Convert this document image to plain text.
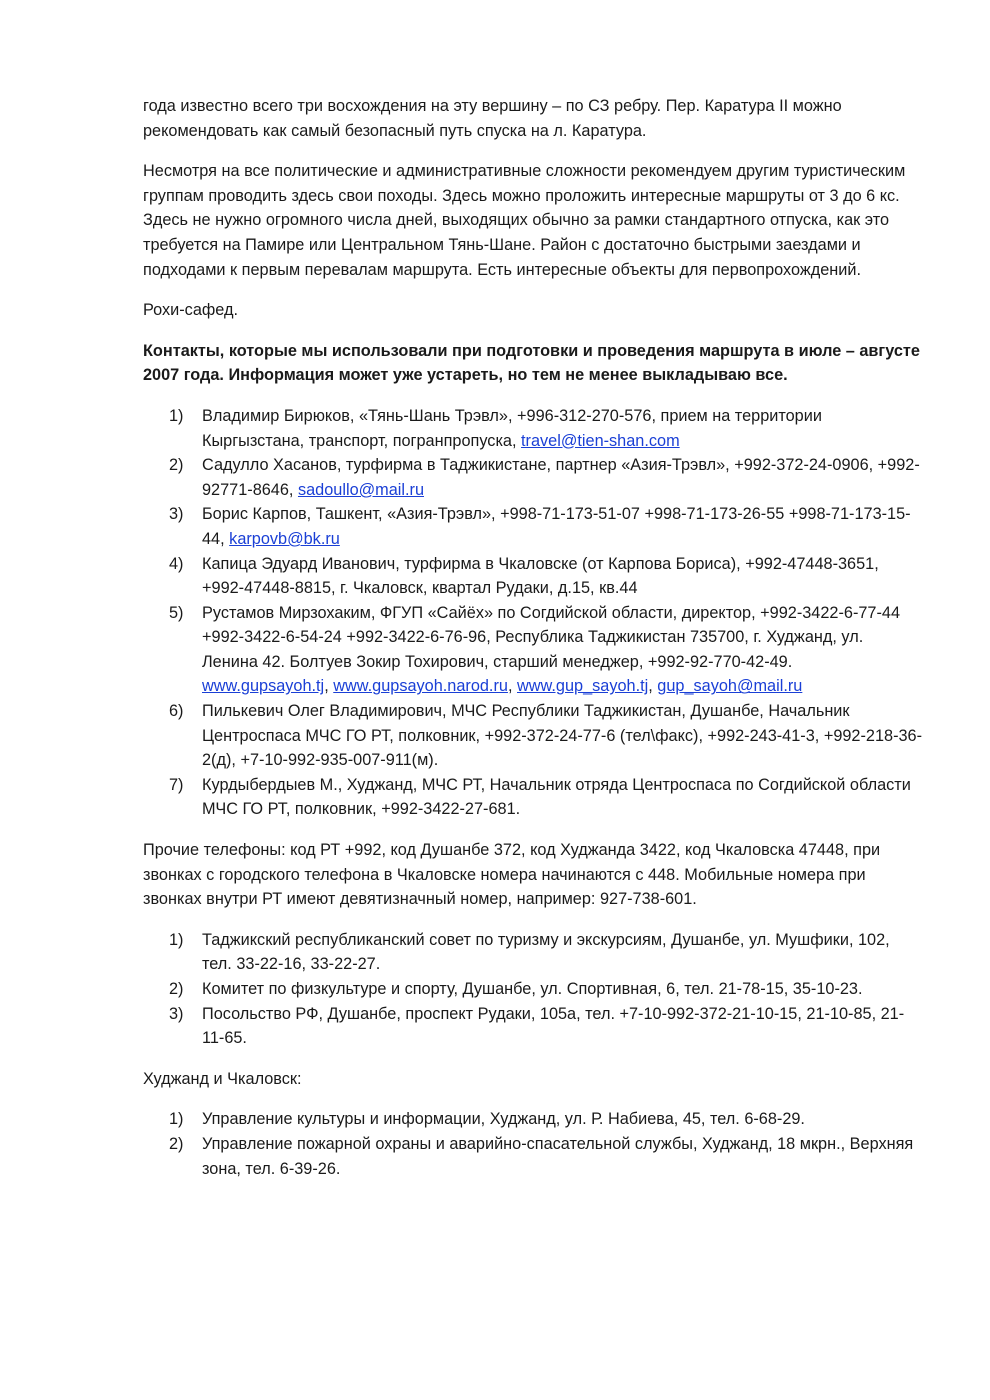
года известно всего три восхождения на эту вершину – по СЗ ребру. Пер. Каратура II можно рекомендовать как самый безопасный путь спуска на л. Каратура.

Несмотря на все политические и административные сложности рекомендуем другим туристическим группам проводить здесь свои походы. Здесь можно проложить интересные маршруты от 3 до 6 кс. Здесь не нужно огромного числа дней, выходящих обычно за рамки стандартного отпуска, как это требуется на Памире или Центральном Тянь-Шане. Район с достаточно быстрыми заездами и подходами к первым перевалам маршрута. Есть интересные объекты для первопрохождений.

Рохи-сафед.

Контакты, которые мы использовали при подготовки и проведения маршрута в июле – августе 2007 года. Информация может уже устареть, но тем не менее выкладываю все.

1) Владимир Бирюков, «Тянь-Шань Трэвл», +996-312-270-576, прием на территории Кыргызстана, транспорт, погранпропуска, travel@tien-shan.com
2) Садулло Хасанов, турфирма в Таджикистане, партнер «Азия-Трэвл», +992-372-24-0906, +992-92771-8646, sadoullo@mail.ru
3) Борис Карпов, Ташкент, «Азия-Трэвл», +998-71-173-51-07 +998-71-173-26-55 +998-71-173-15-44, karpovb@bk.ru
4) Капица Эдуард Иванович, турфирма в Чкаловске (от Карпова Бориса), +992-47448-3651, +992-47448-8815, г. Чкаловск, квартал Рудаки, д.15, кв.44
5) Рустамов Мирзохаким, ФГУП «Сайёх» по Согдийской области, директор, +992-3422-6-77-44 +992-3422-6-54-24 +992-3422-6-76-96, Республика Таджикистан 735700, г. Худжанд, ул. Ленина 42. Болтуев Зокир Тохирович, старший менеджер, +992-92-770-42-49. www.gupsayoh.tj, www.gupsayoh.narod.ru, www.gup_sayoh.tj, gup_sayoh@mail.ru
6) Пилькевич Олег Владимирович, МЧС Республики Таджикистан, Душанбе, Начальник Центроспаса МЧС ГО РТ, полковник, +992-372-24-77-6 (тел\факс), +992-243-41-3, +992-218-36-2(д), +7-10-992-935-007-911(м).
7) Курдыбердыев М., Худжанд, МЧС РТ, Начальник отряда Центроспаса по Согдийской области МЧС ГО РТ, полковник, +992-3422-27-681.

Прочие телефоны: код РТ +992, код Душанбе 372, код Худжанда 3422, код Чкаловска 47448, при звонках с городского телефона в Чкаловске номера начинаются с 448. Мобильные номера при звонках внутри РТ имеют девятизначный номер, например: 927-738-601.

1) Таджикский республиканский совет по туризму и экскурсиям, Душанбе, ул. Мушфики, 102, тел. 33-22-16, 33-22-27.
2) Комитет по физкультуре и спорту, Душанбе, ул. Спортивная, 6, тел. 21-78-15, 35-10-23.
3) Посольство РФ, Душанбе, проспект Рудаки, 105а, тел. +7-10-992-372-21-10-15, 21-10-85, 21-11-65.

Худжанд и Чкаловск:

1) Управление культуры и информации, Худжанд, ул. Р. Набиева, 45, тел. 6-68-29.
2) Управление пожарной охраны и аварийно-спасательной службы, Худжанд, 18 мкрн., Верхняя зона, тел. 6-39-26.
